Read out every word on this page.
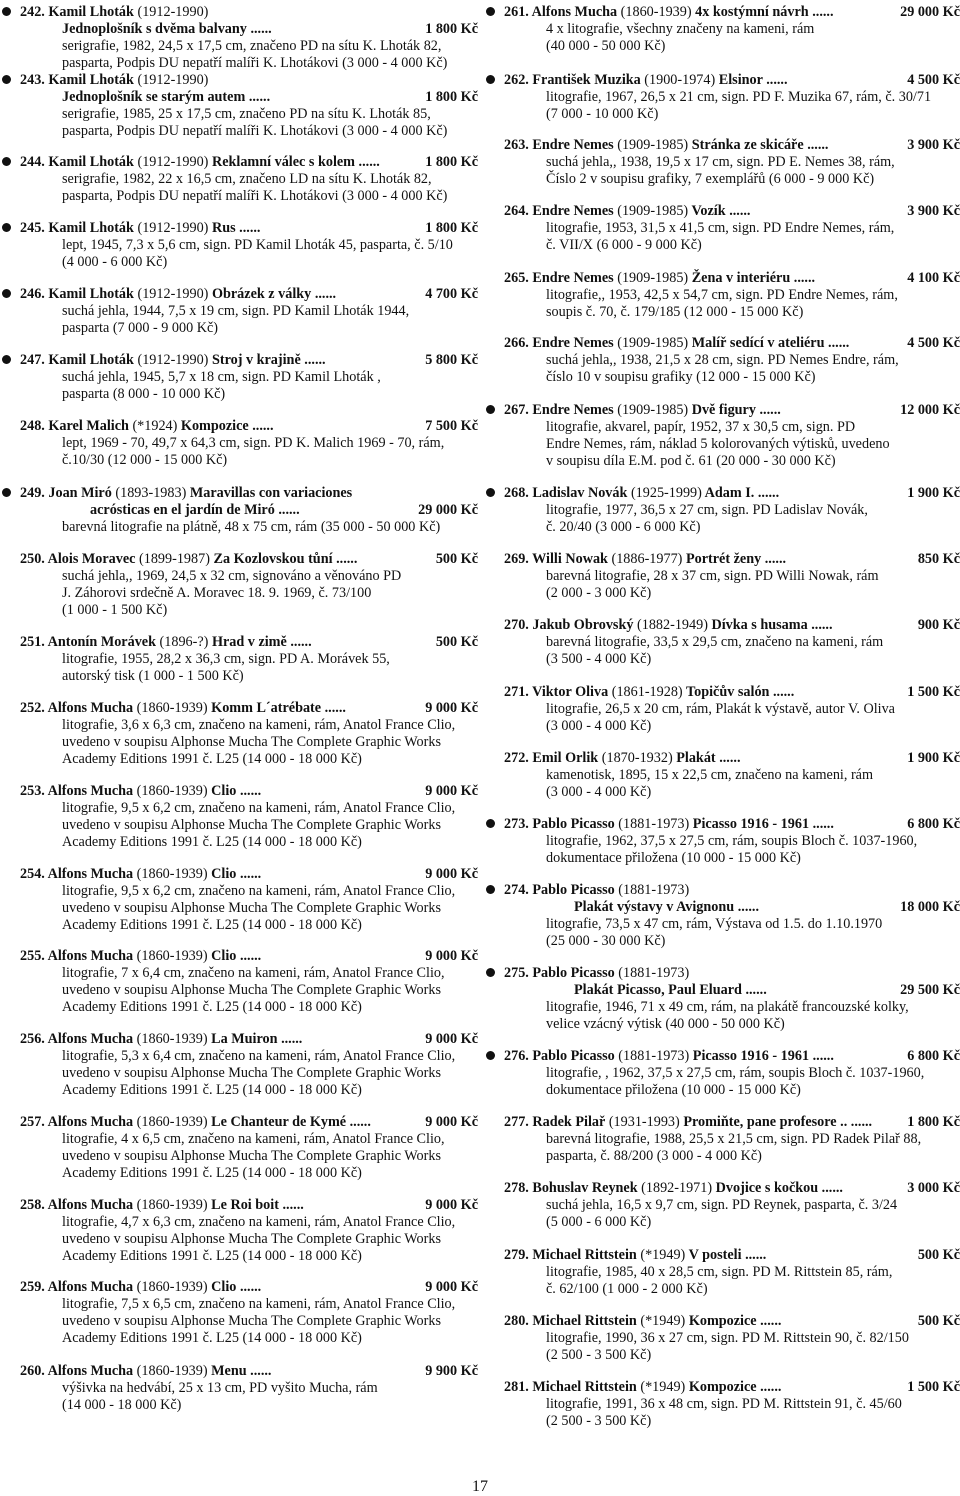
242. Kamil Lhoták (1912-1990)
Jednoplošník s dvěma balvany ......	1 800 Kč
serigrafie, 1982, 24,5 x 17,5 cm, značeno PD na sítu K. Lhoták 82,
pasparta, Podpis DU nepatří malíři K. Lhotákovi (3 000 - 4 000 Kč)
243. Kamil Lhoták (1912-1990)
Jednoplošník se starým autem ......	1 800 Kč
serigrafie, 1985, 25 x 17,5 cm, značeno PD na sítu K. Lhoták 85,
pasparta, Podpis DU nepatří malíři K. Lhotákovi (3 000 - 4 000 Kč)
244. Kamil Lhoták (1912-1990) Reklamní válec s kolem ......	1 800 Kč
serigrafie, 1982, 22 x 16,5 cm, značeno LD na sítu K. Lhoták 82,
pasparta, Podpis DU nepatří malíři K. Lhotákovi (3 000 - 4 000 Kč)
245. Kamil Lhoták (1912-1990) Rus ......	1 800 Kč
lept, 1945, 7,3 x 5,6 cm, sign. PD Kamil Lhoták 45, pasparta, č. 5/10
(4 000 - 6 000 Kč)
246. Kamil Lhoták (1912-1990) Obrázek z války ......	4 700 Kč
suchá jehla, 1944, 7,5 x 19 cm, sign. PD Kamil Lhoták 1944,
pasparta (7 000 - 9 000 Kč)
247. Kamil Lhoták (1912-1990) Stroj v krajině ......	5 800 Kč
suchá jehla, 1945, 5,7 x 18 cm, sign. PD Kamil Lhoták ,
pasparta (8 000 - 10 000 Kč)
248. Karel Malich (*1924) Kompozice ......	7 500 Kč
lept, 1969 - 70, 49,7 x 64,3 cm, sign. PD K. Malich 1969 - 70, rám,
č.10/30 (12 000 - 15 000 Kč)
249. Joan Miró (1893-1983) Maravillas con variaciones
acrósticas en el jardín de Miró ......	29 000 Kč
barevná litografie na plátně, 48 x 75 cm, rám (35 000 - 50 000 Kč)
250. Alois Moravec (1899-1987) Za Kozlovskou tůní ......	500 Kč
suchá jehla,, 1969, 24,5 x 32 cm, signováno a věnováno PD
J. Záhorovi srdečně A. Moravec 18. 9. 1969, č. 73/100
(1 000 - 1 500 Kč)
251. Antonín Morávek (1896-?) Hrad v zimě ......	500 Kč
litografie, 1955, 28,2 x 36,3 cm, sign. PD A. Morávek 55,
autorský tisk (1 000 - 1 500 Kč)
252. Alfons Mucha (1860-1939) Komm L´atrébate ......	9 000 Kč
litografie, 3,6 x 6,3 cm, značeno na kameni, rám, Anatol France Clio,
uvedeno v soupisu Alphonse Mucha The Complete Graphic Works
Academy Editions 1991 č. L25 (14 000 - 18 000 Kč)
253. Alfons Mucha (1860-1939) Clio ......	9 000 Kč
litografie, 9,5 x 6,2 cm, značeno na kameni, rám, Anatol France Clio,
uvedeno v soupisu Alphonse Mucha The Complete Graphic Works
Academy Editions 1991 č. L25 (14 000 - 18 000 Kč)
254. Alfons Mucha (1860-1939) Clio ......	9 000 Kč
litografie, 9,5 x 6,2 cm, značeno na kameni, rám, Anatol France Clio,
uvedeno v soupisu Alphonse Mucha The Complete Graphic Works
Academy Editions 1991 č. L25 (14 000 - 18 000 Kč)
255. Alfons Mucha (1860-1939) Clio ......	9 000 Kč
litografie, 7 x 6,4 cm, značeno na kameni, rám, Anatol France Clio,
uvedeno v soupisu Alphonse Mucha The Complete Graphic Works
Academy Editions 1991 č. L25 (14 000 - 18 000 Kč)
256. Alfons Mucha (1860-1939) La Muiron ......	9 000 Kč
litografie, 5,3 x 6,4 cm, značeno na kameni, rám, Anatol France Clio,
uvedeno v soupisu Alphonse Mucha The Complete Graphic Works
Academy Editions 1991 č. L25 (14 000 - 18 000 Kč)
257. Alfons Mucha (1860-1939) Le Chanteur de Kymé ......	9 000 Kč
litografie, 4 x 6,5 cm, značeno na kameni, rám, Anatol France Clio,
uvedeno v soupisu Alphonse Mucha The Complete Graphic Works
Academy Editions 1991 č. L25 (14 000 - 18 000 Kč)
258. Alfons Mucha (1860-1939) Le Roi boit ......	9 000 Kč
litografie, 4,7 x 6,3 cm, značeno na kameni, rám, Anatol France Clio,
uvedeno v soupisu Alphonse Mucha The Complete Graphic Works
Academy Editions 1991 č. L25 (14 000 - 18 000 Kč)
259. Alfons Mucha (1860-1939) Clio ......	9 000 Kč
litografie, 7,5 x 6,5 cm, značeno na kameni, rám, Anatol France Clio,
uvedeno v soupisu Alphonse Mucha The Complete Graphic Works
Academy Editions 1991 č. L25 (14 000 - 18 000 Kč)
260. Alfons Mucha (1860-1939) Menu ......	9 900 Kč
výšivka na hedvábí, 25 x 13 cm, PD vyšito Mucha, rám
(14 000 - 18 000 Kč)
261. Alfons Mucha (1860-1939) 4x kostýmní návrh ......	29 000 Kč
4 x litografie, všechny značeny na kameni, rám
(40 000 - 50 000 Kč)
262. František Muzika (1900-1974) Elsinor ......	4 500 Kč
litografie, 1967, 26,5 x 21 cm, sign. PD F. Muzika 67, rám, č. 30/71
(7 000 - 10 000 Kč)
263. Endre Nemes (1909-1985) Stránka ze skicáře ......	3 900 Kč
suchá jehla,, 1938, 19,5 x 17 cm, sign. PD E. Nemes 38, rám,
Číslo 2 v soupisu grafiky, 7 exemplářů (6 000 - 9 000 Kč)
264. Endre Nemes (1909-1985) Vozík ......	3 900 Kč
litografie, 1953, 31,5 x 41,5 cm, sign. PD Endre Nemes, rám,
č. VII/X (6 000 - 9 000 Kč)
265. Endre Nemes (1909-1985) Žena v interiéru ......	4 100 Kč
litografie,, 1953, 42,5 x 54,7 cm, sign. PD Endre Nemes, rám,
soupis č. 70, č. 179/185 (12 000 - 15 000 Kč)
266. Endre Nemes (1909-1985) Malíř sedící v ateliéru ......	4 500 Kč
suchá jehla,, 1938, 21,5 x 28 cm, sign. PD Nemes Endre, rám,
číslo 10 v soupisu grafiky (12 000 - 15 000 Kč)
267. Endre Nemes (1909-1985) Dvě figury ......	12 000 Kč
litografie, akvarel, papír, 1952, 37 x 30,5 cm, sign. PD
Endre Nemes, rám, náklad 5 kolorovaných výtisků, uvedeno
v soupisu díla E.M. pod č. 61 (20 000 - 30 000 Kč)
268. Ladislav Novák (1925-1999) Adam I. ......	1 900 Kč
litografie, 1977, 36,5 x 27 cm, sign. PD Ladislav Novák,
č. 20/40 (3 000 - 6 000 Kč)
269. Willi Nowak (1886-1977) Portrét ženy ......	850 Kč
barevná litografie, 28 x 37 cm, sign. PD Willi Nowak, rám
(2 000 - 3 000 Kč)
270. Jakub Obrovský (1882-1949) Dívka s husama ......	900 Kč
barevná litografie, 33,5 x 29,5 cm, značeno na kameni, rám
(3 500 - 4 000 Kč)
271. Viktor Oliva (1861-1928) Topičův salón ......	1 500 Kč
litografie, 26,5 x 20 cm, rám, Plakát k výstavě, autor V. Oliva
(3 000 - 4 000 Kč)
272. Emil Orlik (1870-1932) Plakát ......	1 900 Kč
kamenotisk, 1895, 15 x 22,5 cm, značeno na kameni, rám
(3 000 - 4 000 Kč)
273. Pablo Picasso (1881-1973) Picasso 1916 - 1961 ......	6 800 Kč
litografie, 1962, 37,5 x 27,5 cm, rám, soupis Bloch č. 1037-1960,
dokumentace přiložena (10 000 - 15 000 Kč)
274. Pablo Picasso (1881-1973)
Plakát výstavy v Avignonu ......	18 000 Kč
litografie, 73,5 x 47 cm, rám, Výstava od 1.5. do 1.10.1970
(25 000 - 30 000 Kč)
275. Pablo Picasso (1881-1973)
Plakát Picasso, Paul Eluard ......	29 500 Kč
litografie, 1946, 71 x 49 cm, rám, na plakátě francouzské kolky,
velice vzácný výtisk (40 000 - 50 000 Kč)
276. Pablo Picasso (1881-1973) Picasso 1916 - 1961 ......	6 800 Kč
litografie, , 1962, 37,5 x 27,5 cm, rám, soupis Bloch č. 1037-1960,
dokumentace přiložena (10 000 - 15 000 Kč)
277. Radek Pilař (1931-1993) Promiňte, pane profesore .. ...... 1 800 Kč
barevná litografie, 1988, 25,5 x 21,5 cm, sign. PD Radek Pilař 88,
pasparta, č. 88/200 (3 000 - 4 000 Kč)
278. Bohuslav Reynek (1892-1971) Dvojice s kočkou ......	3 000 Kč
suchá jehla, 16,5 x 9,7 cm, sign. PD Reynek, pasparta, č. 3/24
(5 000 - 6 000 Kč)
279. Michael Rittstein (*1949) V posteli ......	500 Kč
litografie, 1985, 40 x 28,5 cm, sign. PD M. Rittstein 85, rám,
č. 62/100 (1 000 - 2 000 Kč)
280. Michael Rittstein (*1949) Kompozice ......	500 Kč
litografie, 1990, 36 x 27 cm, sign. PD M. Rittstein 90, č. 82/150
(2 500 - 3 500 Kč)
281. Michael Rittstein (*1949) Kompozice ......	1 500 Kč
litografie, 1991, 36 x 48 cm, sign. PD M. Rittstein 91, č. 45/60
(2 500 - 3 500 Kč)
17
